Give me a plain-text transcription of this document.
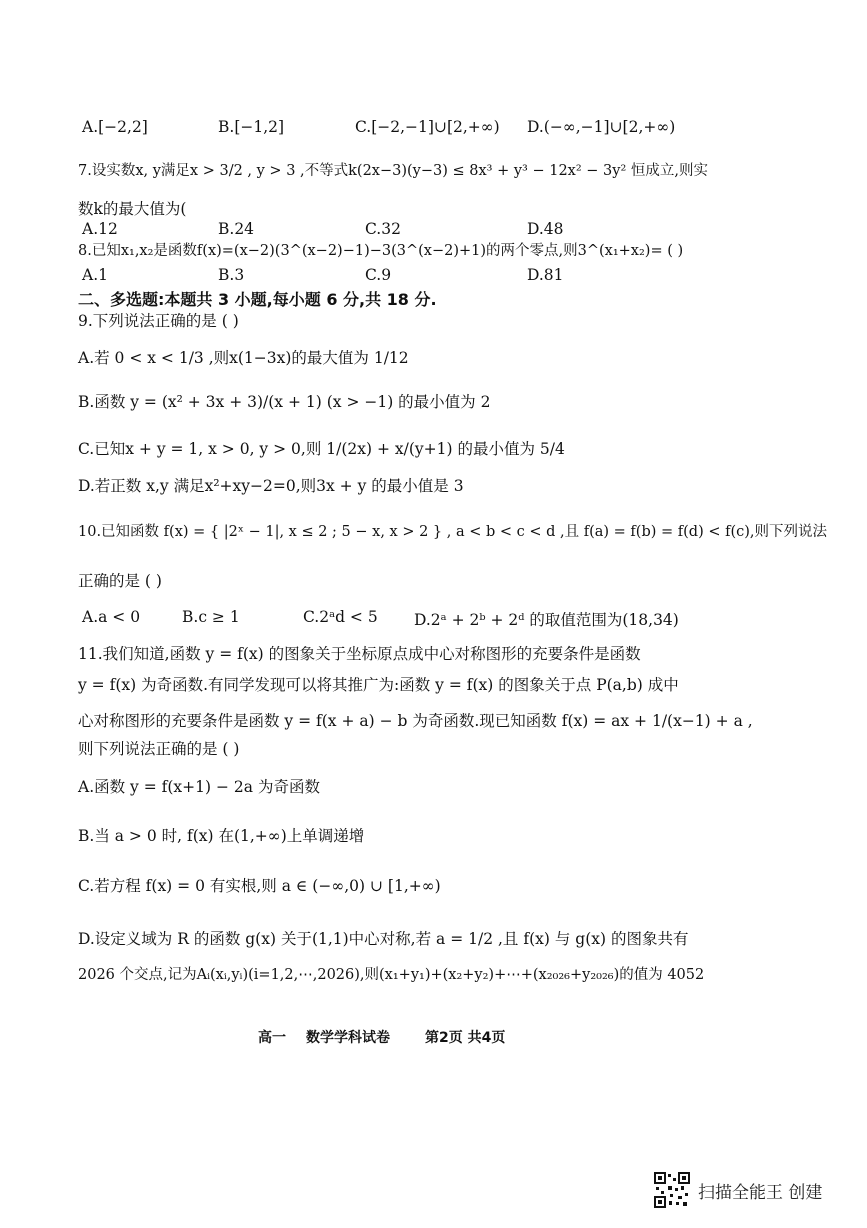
A.[−2,2]	B.[−1,2]	C.[−2,−1]∪[2,+∞) D.(−∞,−1]∪[2,+∞)
7.设实数x, y满足x > 3/2 , y > 3 ,不等式k(2x−3)(y−3) ≤ 8x³ + y³ − 12x² − 3y² 恒成立,则实
数k的最大值为(
A.12	B.24	C.32	D.48
8.已知x₁,x₂是函数f(x)=(x−2)(3^(x−2)−1)−3(3^(x−2)+1)的两个零点,则3^(x₁+x₂)= ( )
A.1	B.3	C.9	D.81
二、多选题:本题共 3 小题,每小题 6 分,共 18 分.
9.下列说法正确的是 ( )
A.若 0 < x < 1/3 ,则x(1−3x)的最大值为 1/12
B.函数 y = (x² + 3x + 3)/(x + 1) (x > −1) 的最小值为 2
C.已知x + y = 1, x > 0, y > 0,则 1/(2x) + x/(y+1) 的最小值为 5/4
D.若正数 x,y 满足x²+xy−2=0,则3x + y 的最小值是 3
10.已知函数 f(x) = { |2ˣ − 1|, x ≤ 2 ; 5 − x, x > 2 } , a < b < c < d ,且 f(a) = f(b) = f(d) < f(c),则下列说法
正确的是 ( )
A.a < 0	B.c ≥ 1	C.2ᵃd < 5 D.2ᵃ + 2ᵇ + 2ᵈ 的取值范围为(18,34)
11.我们知道,函数 y = f(x) 的图象关于坐标原点成中心对称图形的充要条件是函数
y = f(x) 为奇函数.有同学发现可以将其推广为:函数 y = f(x) 的图象关于点 P(a,b) 成中
心对称图形的充要条件是函数 y = f(x + a) − b 为奇函数.现已知函数 f(x) = ax + 1/(x−1) + a ,
则下列说法正确的是 ( )
A.函数 y = f(x+1) − 2a 为奇函数
B.当 a > 0 时, f(x) 在(1,+∞)上单调递增
C.若方程 f(x) = 0 有实根,则 a ∈ (−∞,0) ∪ [1,+∞)
D.设定义域为 R 的函数 g(x) 关于(1,1)中心对称,若 a = 1/2 ,且 f(x) 与 g(x) 的图象共有
2026 个交点,记为Aᵢ(xᵢ,yᵢ)(i=1,2,⋯,2026),则(x₁+y₁)+(x₂+y₂)+⋯+(x₂₀₂₆+y₂₀₂₆)的值为 4052
高一 数学学科试卷	第2页 共4页
扫描全能王 创建
